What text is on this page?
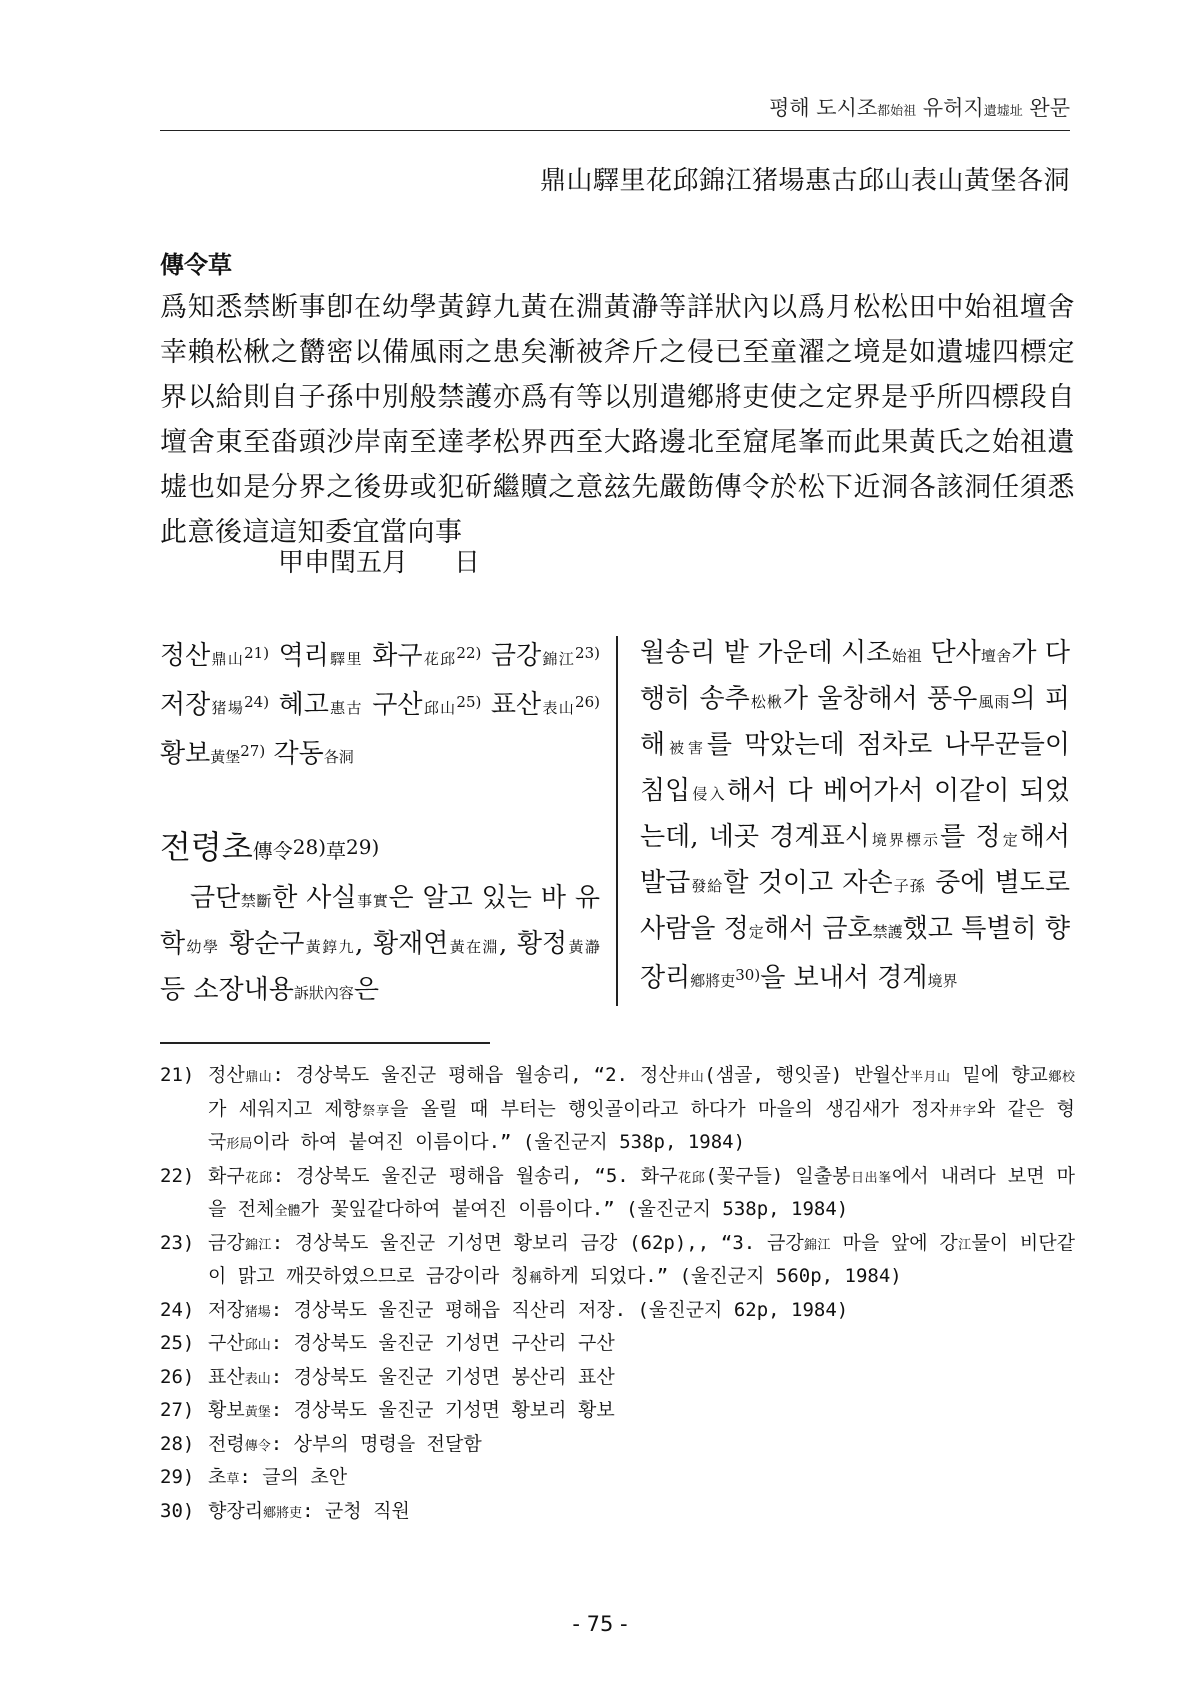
평해 도시조都始祖 유허지遺墟址 완문
鼎山驛里花邱錦江猪場惠古邱山表山黃堡各洞
傳令草
爲知悉禁断事卽在幼學黃錞九黃在淵黃瀞等詳狀內以爲月松松田中始祖壇舍幸賴松楸之欝密以備風雨之患矣漸被斧斤之侵已至童濯之境是如遺墟四標定界以給則自子孫中別般禁護亦爲有等以別遣鄕將吏使之定界是乎所四標段自壇舍東至畓頭沙岸南至達孝松界西至大路邊北至窟尾峯而此果黃氏之始祖遺墟也如是分界之後毋或犯斫繼贖之意玆先嚴飭傳令於松下近洞各該洞任須悉此意後這這知委宜當向事
甲申閏五月 日
정산鼎山$^{21)}$ 역리驛里 화구花邱$^{22)}$ 금강錦江$^{23)}$ 저장猪場$^{24)}$ 혜고惠古 구산邱山$^{25)}$ 표산表山$^{26)}$ 황보黃堡$^{27)}$ 각동各洞
전령초傳令28)草29)
금단禁斷한 사실事實은 알고 있는 바 유학幼學 황순구黃錞九, 황재연黃在淵, 황정黃瀞 등 소장내용訴狀內容은
월송리 밭 가운데 시조始祖 단사壇舍가 다행히 송추松楸가 울창해서 풍우風雨의 피해被害를 막았는데 점차로 나무꾼들이 침입侵入해서 다 베어가서 이같이 되었는데, 네곳 경계표시境界標示를 정定해서 발급發給할 것이고 자손子孫 중에 별도로 사람을 정定해서 금호禁護했고 특별히 향장리鄕將吏$^{30)}$을 보내서 경계境界
21) 정산鼎山: 경상북도 울진군 평해읍 월송리, “2. 정산井山(샘골, 행잇골) 반월산半月山 밑에 향교鄕校가 세워지고 제향祭享을 올릴 때 부터는 행잇골이라고 하다가 마을의 생김새가 정자井字와 같은 형국形局이라 하여 붙여진 이름이다.” (울진군지 538p, 1984)
22) 화구花邱: 경상북도 울진군 평해읍 월송리, “5. 화구花邱(꽃구들) 일출봉日出峯에서 내려다 보면 마을 전체全體가 꽃잎같다하여 붙여진 이름이다.” (울진군지 538p, 1984)
23) 금강錦江: 경상북도 울진군 기성면 황보리 금강 (62p),, “3. 금강錦江 마을 앞에 강江물이 비단같이 맑고 깨끗하였으므로 금강이라 칭稱하게 되었다.” (울진군지 560p, 1984)
24) 저장猪場: 경상북도 울진군 평해읍 직산리 저장. (울진군지 62p, 1984)
25) 구산邱山: 경상북도 울진군 기성면 구산리 구산
26) 표산表山: 경상북도 울진군 기성면 봉산리 표산
27) 황보黃堡: 경상북도 울진군 기성면 황보리 황보
28) 전령傳令: 상부의 명령을 전달함
29) 초草: 글의 초안
30) 향장리鄕將吏: 군청 직원
- 75 -
